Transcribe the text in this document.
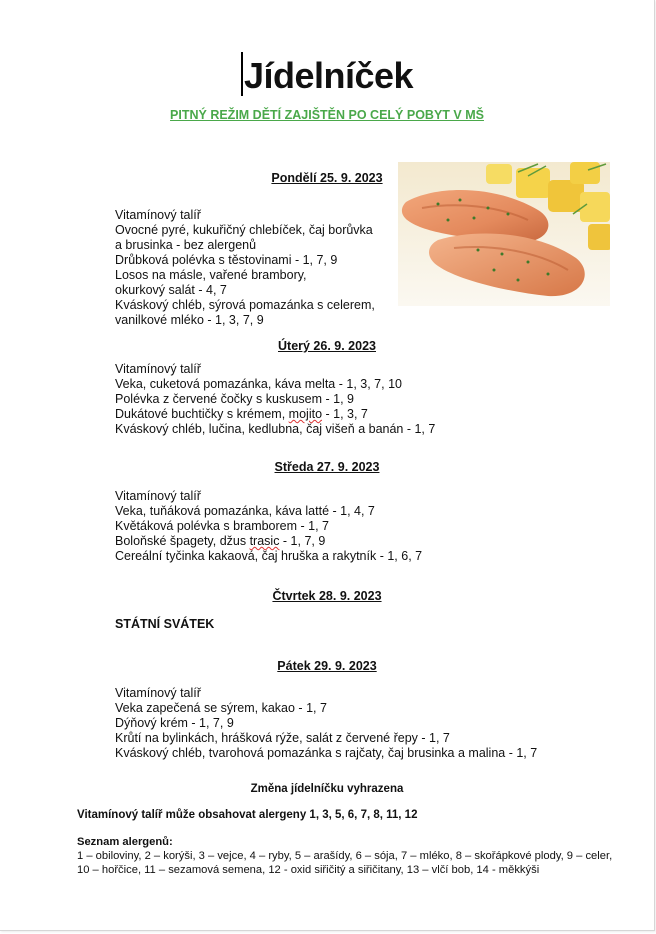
Jídelníček
PITNÝ REŽIM DĚTÍ ZAJIŠTĚN PO CELÝ POBYT V MŠ
Pondělí 25. 9. 2023
Vitamínový talíř
Ovocné pyré, kukuřičný chlebíček, čaj borůvka
a brusinka - bez alergenů
Drůbková polévka s těstovinami - 1, 7, 9
Losos na másle, vařené brambory,
okurkový salát - 4, 7
Kváskový chléb, sýrová pomazánka s celerem,
vanilkové mléko - 1, 3, 7, 9
Úterý 26. 9. 2023
Vitamínový talíř
Veka, cuketová pomazánka, káva melta - 1, 3, 7, 10
Polévka z červené čočky s kuskusem - 1, 9
Dukátové buchtičky s krémem, mojito - 1, 3, 7
Kváskový chléb, lučina, kedlubna, čaj višeň a banán - 1, 7
Středa 27. 9. 2023
Vitamínový talíř
Veka, tuňáková pomazánka, káva latté - 1, 4, 7
Květáková polévka s bramborem - 1, 7
Boloňské špagety, džus trasic - 1, 7, 9
Cereální tyčinka kakaová, čaj hruška a rakytník - 1, 6, 7
Čtvrtek 28. 9. 2023
STÁTNÍ SVÁTEK
Pátek 29. 9. 2023
Vitamínový talíř
Veka zapečená se sýrem, kakao - 1, 7
Dýňový krém - 1, 7, 9
Krůtí na bylinkách, hrášková rýže, salát z červené řepy - 1, 7
Kváskový chléb, tvarohová pomazánka s rajčaty, čaj brusinka a malina - 1, 7
Změna jídelníčku vyhrazena
Vitamínový talíř může obsahovat alergeny 1, 3, 5, 6, 7, 8, 11, 12
Seznam alergenů:
1 – obiloviny, 2 – korýši, 3 – vejce, 4 – ryby, 5 – arašídy, 6 – sója, 7 – mléko, 8 – skořápkové plody, 9 – celer,
10 – hořčice, 11 – sezamová semena, 12 - oxid siřičitý a siřičitany, 13 – vlčí bob, 14 - měkkýši
